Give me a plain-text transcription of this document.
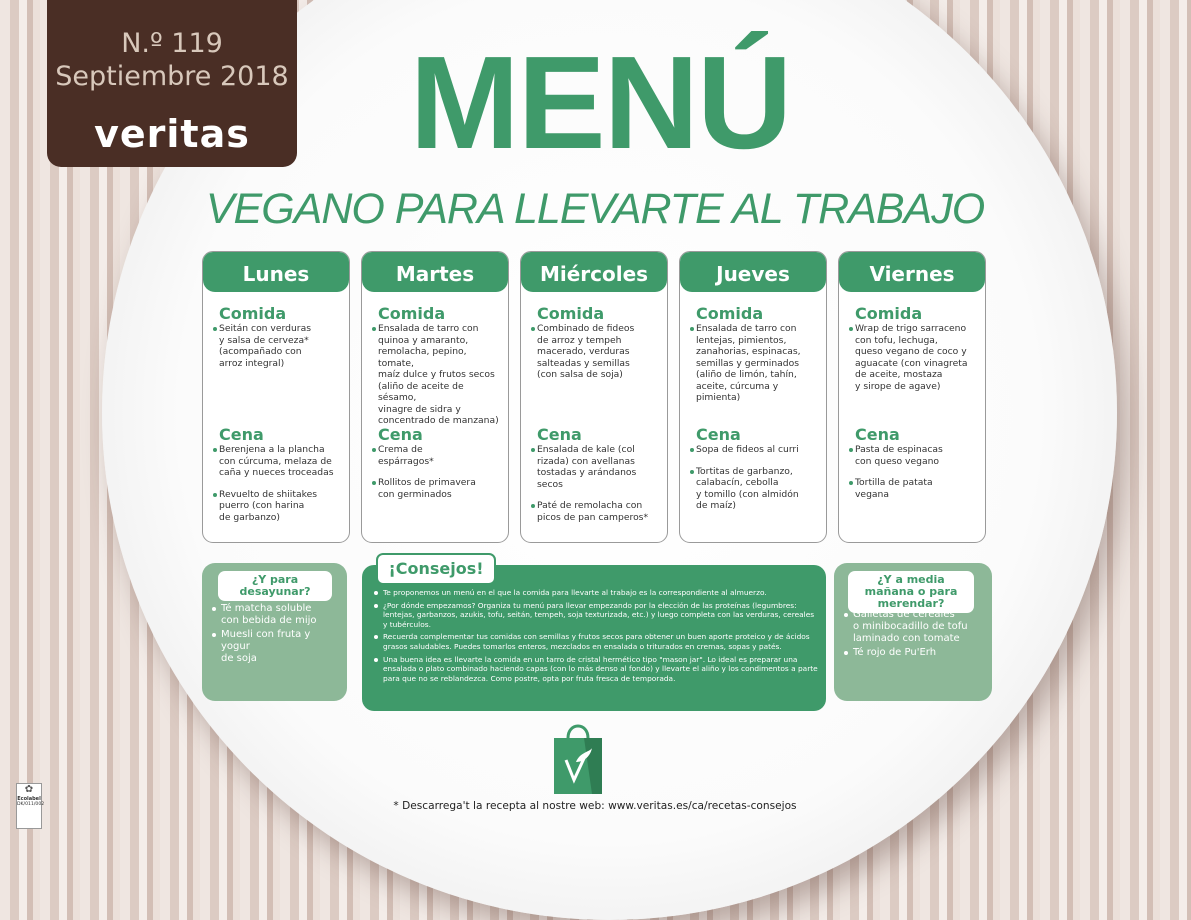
N.º 119
Septiembre 2018
veritas	MENÚ
VEGANO PARA LLEVARTE AL TRABAJO
Lunes
Comida
Seitán con verduras
y salsa de cerveza*
(acompañado con
arroz integral)
Cena
Berenjena a la plancha
con cúrcuma, melaza de
caña y nueces troceadas
Revuelto de shiitakes
puerro (con harina
de garbanzo)
Martes
Comida
Ensalada de tarro con
quinoa y amaranto,
remolacha, pepino, tomate,
maíz dulce y frutos secos
(aliño de aceite de sésamo,
vinagre de sidra y
concentrado de manzana)
Cena
Crema de
espárragos*
Rollitos de primavera
con germinados
Miércoles
Comida
Combinado de fideos
de arroz y tempeh
macerado, verduras
salteadas y semillas
(con salsa de soja)
Cena
Ensalada de kale (col
rizada) con avellanas
tostadas y arándanos
secos
Paté de remolacha con
picos de pan camperos*
Jueves
Comida
Ensalada de tarro con
lentejas, pimientos,
zanahorias, espinacas,
semillas y germinados
(aliño de limón, tahín,
aceite, cúrcuma y pimienta)
Cena
Sopa de fideos al curri
Tortitas de garbanzo,
calabacín, cebolla
y tomillo (con almidón
de maíz)
Viernes
Comida
Wrap de trigo sarraceno
con tofu, lechuga,
queso vegano de coco y
aguacate (con vinagreta
de aceite, mostaza
y sirope de agave)
Cena
Pasta de espinacas
con queso vegano
Tortilla de patata
vegana
¿Y para desayunar?
Té matcha soluble
con bebida de mijo
Muesli con fruta y yogur
de soja
¡Consejos!
Te proponemos un menú en el que la comida para llevarte al trabajo es la correspondiente al almuerzo.
¿Por dónde empezamos? Organiza tu menú para llevar empezando por la elección de las proteínas (legumbres: lentejas, garbanzos, azukis, tofu, seitán, tempeh, soja texturizada, etc.) y luego completa con las verduras, cereales y tubérculos.
Recuerda complementar tus comidas con semillas y frutos secos para obtener un buen aporte proteico y de ácidos grasos saludables. Puedes tomarlos enteros, mezclados en ensalada o triturados en cremas, sopas y patés.
Una buena idea es llevarte la comida en un tarro de cristal hermético tipo "mason jar". Lo ideal es preparar una ensalada o plato combinado haciendo capas (con lo más denso al fondo) y llevarte el aliño y los condimentos a parte para que no se reblandezca. Como postre, opta por fruta fresca de temporada.
¿Y a media mañana o para merendar?
Galletas de cereales
o minibocadillo de tofu
laminado con tomate
Té rojo de Pu'Erh
* Descarrega't la recepta al nostre web: www.veritas.es/ca/recetas-consejos
✿
Ecolabel
DK/011/002
